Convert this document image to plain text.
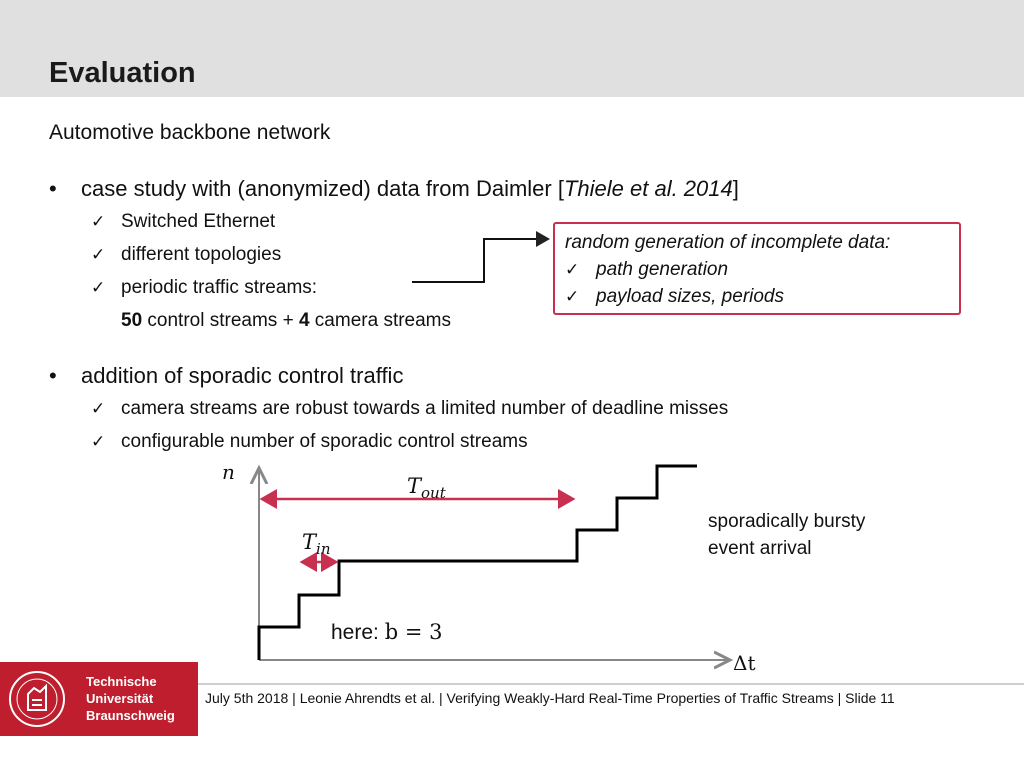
Evaluation
Automotive backbone network
• case study with (anonymized) data from Daimler [Thiele et al. 2014]
✓ Switched Ethernet
✓ different topologies
✓ periodic traffic streams:
50 control streams + 4 camera streams
random generation of incomplete data:
✓ path generation
✓ payload sizes, periods
• addition of sporadic control traffic
✓ camera streams are robust towards a limited number of deadline misses
✓ configurable number of sporadic control streams
n
Δt
$T_{out}$
$T_{in}$
here: b = 3
sporadically bursty
event arrival
Technische
Universität
Braunschweig
July 5th 2018 | Leonie Ahrendts et al. | Verifying Weakly-Hard Real-Time Properties of Traffic Streams | Slide 11
